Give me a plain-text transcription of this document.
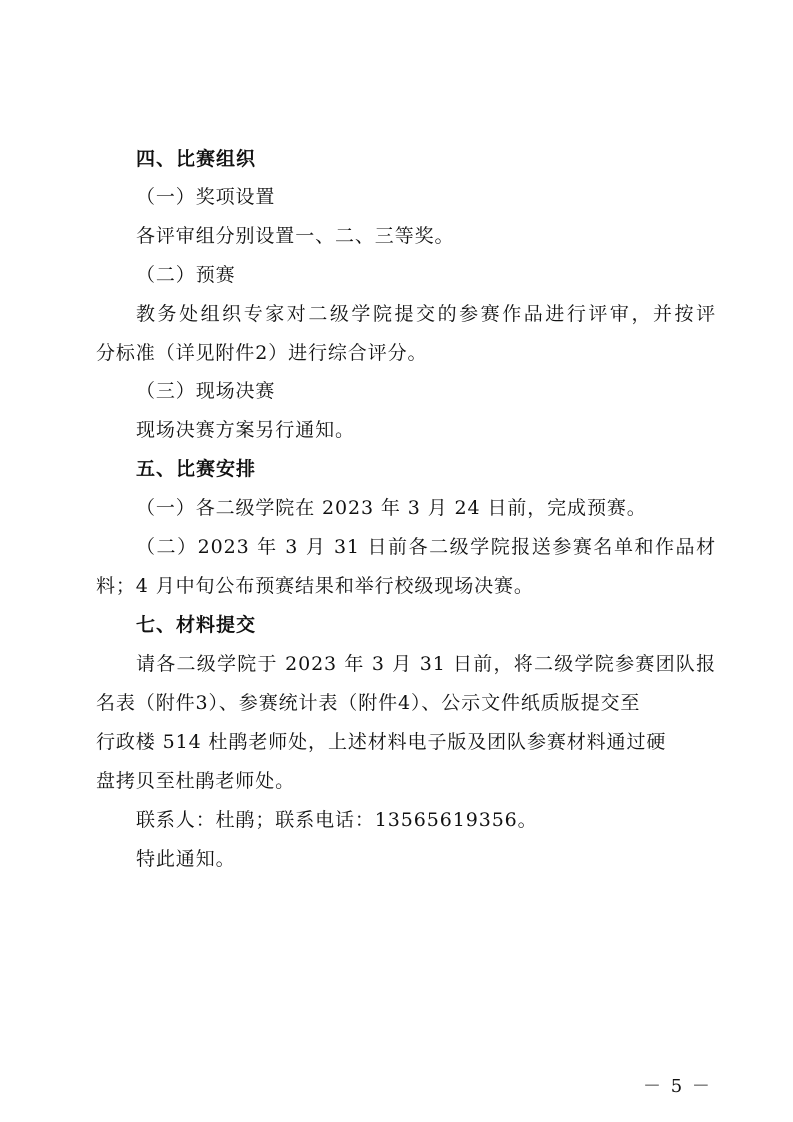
四、比赛组织
（一）奖项设置
各评审组分别设置一、二、三等奖。
（二）预赛
教务处组织专家对二级学院提交的参赛作品进行评审，并按评
分标准（详见附件2）进行综合评分。
（三）现场决赛
现场决赛方案另行通知。
五、比赛安排
（一）各二级学院在 2023 年 3 月 24 日前，完成预赛。
（二）2023 年 3 月 31 日前各二级学院报送参赛名单和作品材
料；4 月中旬公布预赛结果和举行校级现场决赛。
七、材料提交
请各二级学院于 2023 年 3 月 31 日前，将二级学院参赛团队报
名表（附件3）、参赛统计表（附件4）、公示文件纸质版提交至
行政楼 514 杜鹃老师处，上述材料电子版及团队参赛材料通过硬
盘拷贝至杜鹃老师处。
联系人：杜鹃；联系电话：13565619356。
特此通知。
－ 5 －
